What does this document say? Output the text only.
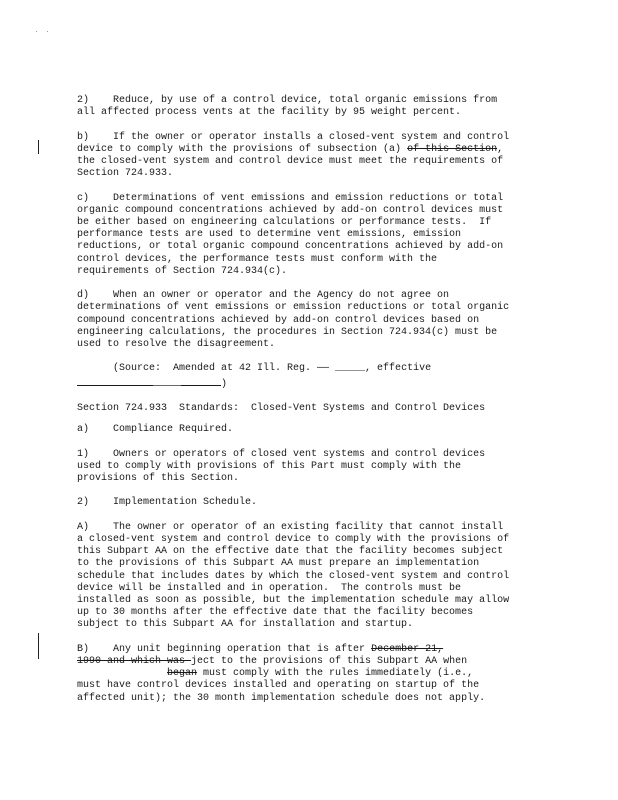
2)    Reduce, by use of a control device, total organic emissions from

all affected process vents at the facility by 95 weight percent.

b)    If the owner or operator installs a closed-vent system and control

device to comply with the provisions of subsection (a) of this Section,

the closed-vent system and control device must meet the requirements of

Section 724.933.

c)    Determinations of vent emissions and emission reductions or total

organic compound concentrations achieved by add-on control devices must

be either based on engineering calculations or performance tests.  If

performance tests are used to determine vent emissions, emission

reductions, or total organic compound concentrations achieved by add-on

control devices, the performance tests must conform with the

requirements of Section 724.934(c).

d)    When an owner or operator and the Agency do not agree on

determinations of vent emissions or emission reductions or total organic

compound concentrations achieved by add-on control devices based on

engineering calculations, the procedures in Section 724.934(c) must be

used to resolve the disagreement.

(Source:  Amended at 42 Ill. Reg. —— _____, effective

)

Section 724.933  Standards:  Closed-Vent Systems and Control Devices

a)    Compliance Required.

1)    Owners or operators of closed vent systems and control devices

used to comply with provisions of this Part must comply with the

provisions of this Section.

2)    Implementation Schedule.

A)    The owner or operator of an existing facility that cannot install

a closed-vent system and control device to comply with the provisions of

this Subpart AA on the effective date that the facility becomes subject

to the provisions of this Subpart AA must prepare an implementation

schedule that includes dates by which the closed-vent system and control

device will be installed and in operation.  The controls must be

installed as soon as possible, but the implementation schedule may allow

up to 30 months after the effective date that the facility becomes

subject to this Subpart AA for installation and startup.

B)    Any unit beginning operation that is after December 21,

1990 and which was ject to the provisions of this Subpart AA when

began must comply with the rules immediately (i.e.,

must have control devices installed and operating on startup of the

affected unit); the 30 month implementation schedule does not apply.
